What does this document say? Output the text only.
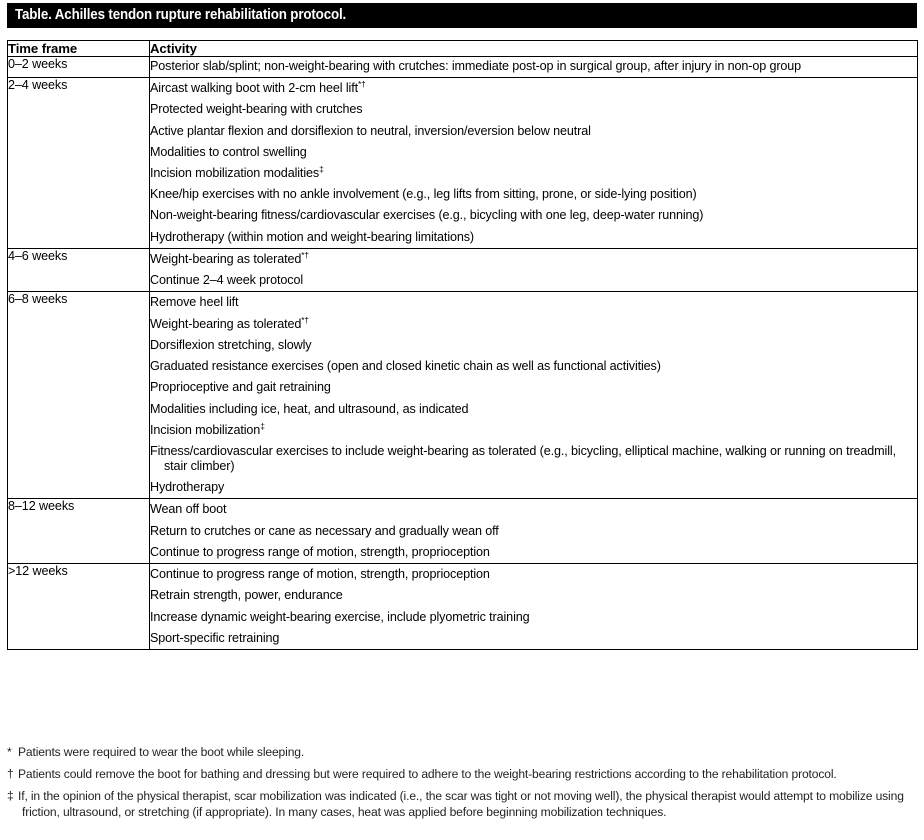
Table. Achilles tendon rupture rehabilitation protocol.
Time frame	Activity
0–2 weeks	Posterior slab/splint; non-weight-bearing with crutches: immediate post-op in surgical group, after injury in non-op group

2–4 weeks	Aircast walking boot with 2-cm heel lift*†
Protected weight-bearing with crutches
Active plantar flexion and dorsiflexion to neutral, inversion/eversion below neutral
Modalities to control swelling
Incision mobilization modalities‡
Knee/hip exercises with no ankle involvement (e.g., leg lifts from sitting, prone, or side-lying position)
Non-weight-bearing fitness/cardiovascular exercises (e.g., bicycling with one leg, deep-water running)
Hydrotherapy (within motion and weight-bearing limitations)

4–6 weeks	Weight-bearing as tolerated*†
Continue 2–4 week protocol

6–8 weeks	Remove heel lift
Weight-bearing as tolerated*†
Dorsiflexion stretching, slowly
Graduated resistance exercises (open and closed kinetic chain as well as functional activities)
Proprioceptive and gait retraining
Modalities including ice, heat, and ultrasound, as indicated
Incision mobilization‡
Fitness/cardiovascular exercises to include weight-bearing as tolerated (e.g., bicycling, elliptical machine, walking or running on treadmill, stair climber)
Hydrotherapy

8–12 weeks	Wean off boot
Return to crutches or cane as necessary and gradually wean off
Continue to progress range of motion, strength, proprioception

>12 weeks	Continue to progress range of motion, strength, proprioception
Retrain strength, power, endurance
Increase dynamic weight-bearing exercise, include plyometric training
Sport-specific retraining
* Patients were required to wear the boot while sleeping.
† Patients could remove the boot for bathing and dressing but were required to adhere to the weight-bearing restrictions according to the rehabilitation protocol.
‡ If, in the opinion of the physical therapist, scar mobilization was indicated (i.e., the scar was tight or not moving well), the physical therapist would attempt to mobilize using friction, ultrasound, or stretching (if appropriate). In many cases, heat was applied before beginning mobilization techniques.
